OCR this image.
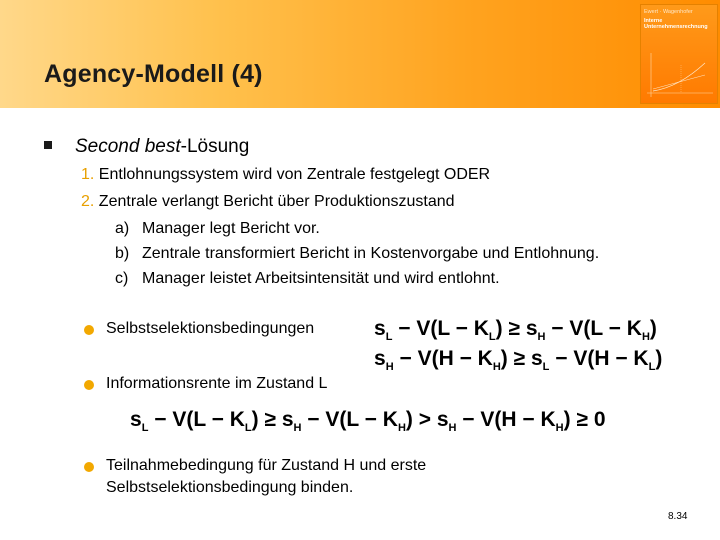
Agency-Modell (4)
Ewert · Wagenhofer
Interne
Unternehmensrechnung
Second best-Lösung
1. Entlohnungssystem wird von Zentrale festgelegt ODER
2. Zentrale verlangt Bericht über Produktionszustand
a) Manager legt Bericht vor.
b) Zentrale transformiert Bericht in Kostenvorgabe und Entlohnung.
c) Manager leistet Arbeitsintensität und wird entlohnt.
Selbstselektionsbedingungen	$s_L - V(L - K_L) \ge s_H - V(L - K_H)$
$s_H - V(H - K_H) \ge s_L - V(H - K_L)$
Informationsrente im Zustand L
$s_L - V(L - K_L) \ge s_H - V(L - K_H) > s_H - V(H - K_H) \ge 0$
Teilnahmebedingung für Zustand H und erste
Selbstselektionsbedingung binden.
8.34
